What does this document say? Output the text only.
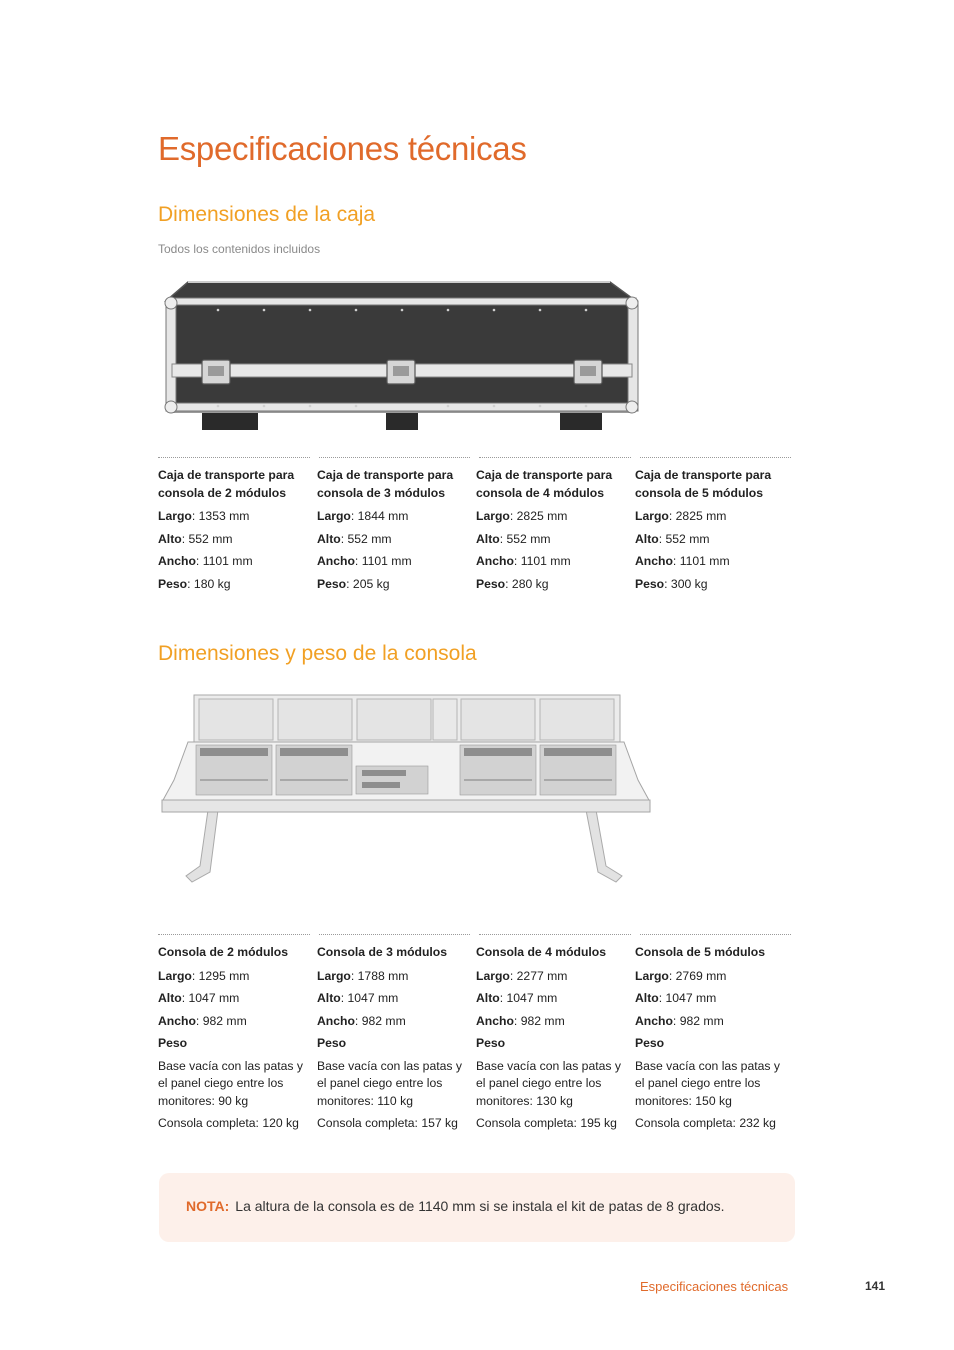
Especificaciones técnicas
Dimensiones de la caja
Todos los contenidos incluidos
Caja de transporte para
consola de 2 módulos
Largo: 1353 mm
Alto: 552 mm
Ancho: 1101 mm
Peso: 180 kg
Caja de transporte para
consola de 3 módulos
Largo: 1844 mm
Alto: 552 mm
Ancho: 1101 mm
Peso: 205 kg
Caja de transporte para
consola de 4 módulos
Largo: 2825 mm
Alto: 552 mm
Ancho: 1101 mm
Peso: 280 kg
Caja de transporte para
consola de 5 módulos
Largo: 2825 mm
Alto: 552 mm
Ancho: 1101 mm
Peso: 300 kg
Dimensiones y peso de la consola
Consola de 2 módulos
Largo: 1295 mm
Alto: 1047 mm
Ancho: 982 mm
Peso
Base vacía con las patas y
el panel ciego entre los
monitores: 90 kg
Consola completa: 120 kg
Consola de 3 módulos
Largo: 1788 mm
Alto: 1047 mm
Ancho: 982 mm
Peso
Base vacía con las patas y
el panel ciego entre los
monitores: 110 kg
Consola completa: 157 kg
Consola de 4 módulos
Largo: 2277 mm
Alto: 1047 mm
Ancho: 982 mm
Peso
Base vacía con las patas y
el panel ciego entre los
monitores: 130 kg
Consola completa: 195 kg
Consola de 5 módulos
Largo: 2769 mm
Alto: 1047 mm
Ancho: 982 mm
Peso
Base vacía con las patas y
el panel ciego entre los
monitores: 150 kg
Consola completa: 232 kg
NOTA: La altura de la consola es de 1140 mm si se instala el kit de patas de 8 grados.
Especificaciones técnicas	141
